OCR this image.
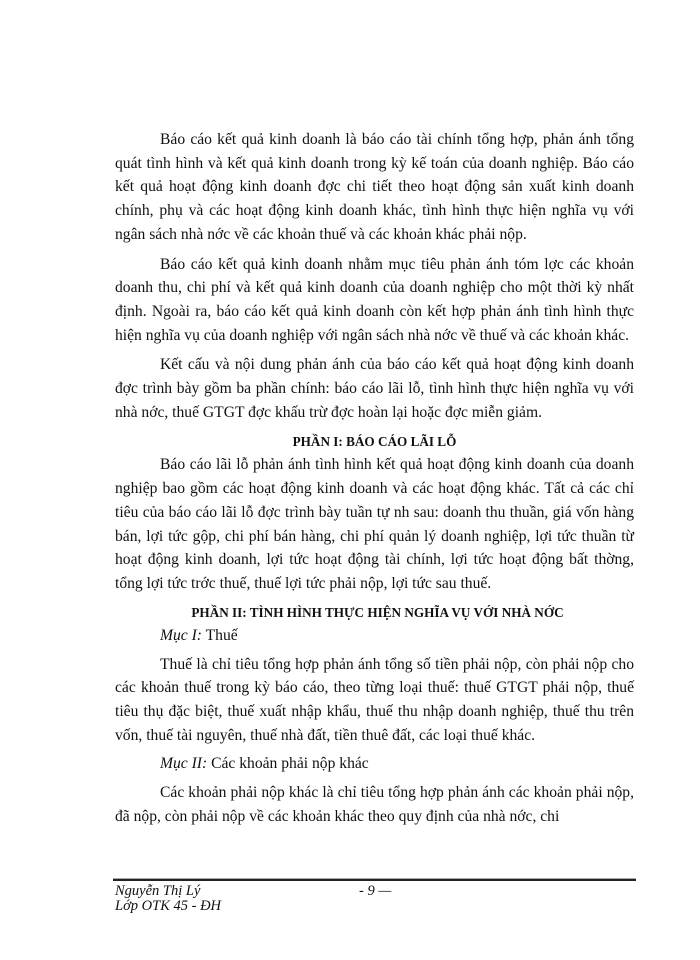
Báo cáo kết quả kinh doanh là báo cáo tài chính tổng hợp, phản ánh tổng quát tình hình và kết quả kinh doanh trong kỳ kế toán của doanh nghiệp. Báo cáo kết quả hoạt động kinh doanh đợc chi tiết theo hoạt động sản xuất kinh doanh chính, phụ và các hoạt động kinh doanh khác, tình hình thực hiện nghĩa vụ với ngân sách nhà nớc về các khoản thuế và các khoản khác phải nộp.

Báo cáo kết quả kinh doanh nhằm mục tiêu phản ánh tóm lợc các khoản doanh thu, chi phí và kết quả kinh doanh của doanh nghiệp cho một thời kỳ nhất định. Ngoài ra, báo cáo kết quả kinh doanh còn kết hợp phản ánh tình hình thực hiện nghĩa vụ của doanh nghiệp với ngân sách nhà nớc về thuế và các khoản khác.

Kết cấu và nội dung phản ánh của báo cáo kết quả hoạt động kinh doanh đợc trình bày gồm ba phần chính: báo cáo lãi lỗ, tình hình thực hiện nghĩa vụ với nhà nớc, thuế GTGT đợc khấu trừ đợc hoàn lại hoặc đợc miễn giảm.

PHẦN I: BÁO CÁO LÃI LỖ

Báo cáo lãi lỗ phản ánh tình hình kết quả hoạt động kinh doanh của doanh nghiệp bao gồm các hoạt động kinh doanh và các hoạt động khác. Tất cả các chỉ tiêu của báo cáo lãi lỗ đợc trình bày tuần tự nh sau: doanh thu thuần, giá vốn hàng bán, lợi tức gộp, chi phí bán hàng, chi phí quản lý doanh nghiệp, lợi tức thuần từ hoạt động kinh doanh, lợi tức hoạt động tài chính, lợi tức hoạt động bất thờng, tổng lợi tức trớc thuế, thuế lợi tức phải nộp, lợi tức sau thuế.

PHẦN II: TÌNH HÌNH THỰC HIỆN NGHĨA VỤ VỚI NHÀ NỚC

Mục I: Thuế

Thuế là chỉ tiêu tổng hợp phản ánh tổng số tiền phải nộp, còn phải nộp cho các khoản thuế trong kỳ báo cáo, theo từng loại thuế: thuế GTGT phải nộp, thuế tiêu thụ đặc biệt, thuế xuất nhập khẩu, thuế thu nhập doanh nghiệp, thuế thu trên vốn, thuế tài nguyên, thuế nhà đất, tiền thuê đất, các loại thuế khác.

Mục II: Các khoản phải nộp khác

Các khoản phải nộp khác là chỉ tiêu tổng hợp phản ánh các khoản phải nộp, đã nộp, còn phải nộp về các khoản khác theo quy định của nhà nớc, chi

Nguyễn Thị Lý
Lớp OTK 45 - ĐH
- 9 —
